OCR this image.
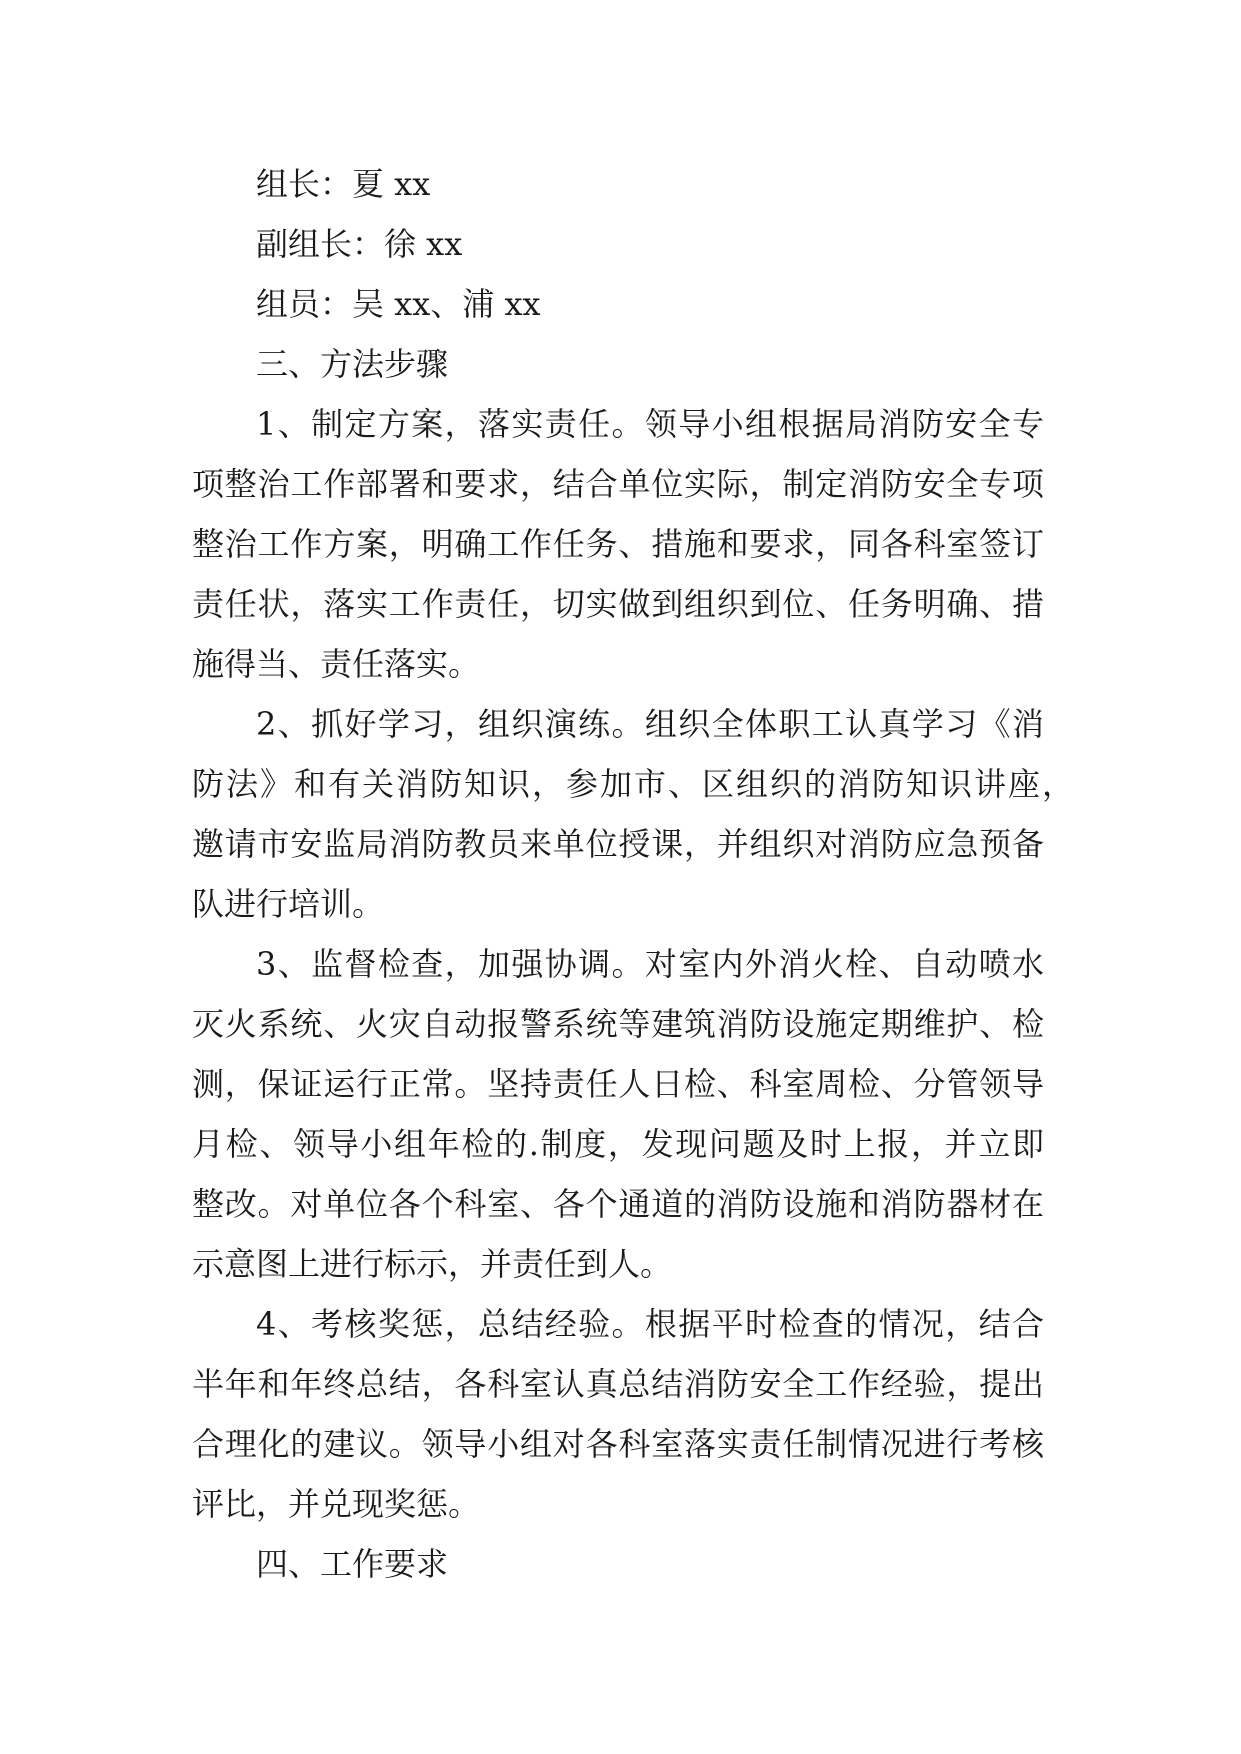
组长：夏 xx

副组长：徐 xx

组员：吴 xx、浦 xx

三、方法步骤

1、制定方案，落实责任。领导小组根据局消防安全专

项整治工作部署和要求，结合单位实际，制定消防安全专项

整治工作方案，明确工作任务、措施和要求，同各科室签订

责任状，落实工作责任，切实做到组织到位、任务明确、措

施得当、责任落实。

2、抓好学习，组织演练。组织全体职工认真学习《消

防法》和有关消防知识，参加市、区组织的消防知识讲座，

邀请市安监局消防教员来单位授课，并组织对消防应急预备

队进行培训。

3、监督检查，加强协调。对室内外消火栓、自动喷水

灭火系统、火灾自动报警系统等建筑消防设施定期维护、检

测，保证运行正常。坚持责任人日检、科室周检、分管领导

月检、领导小组年检的.制度，发现问题及时上报，并立即

整改。对单位各个科室、各个通道的消防设施和消防器材在

示意图上进行标示，并责任到人。

4、考核奖惩，总结经验。根据平时检查的情况，结合

半年和年终总结，各科室认真总结消防安全工作经验，提出

合理化的建议。领导小组对各科室落实责任制情况进行考核

评比，并兑现奖惩。

四、工作要求
